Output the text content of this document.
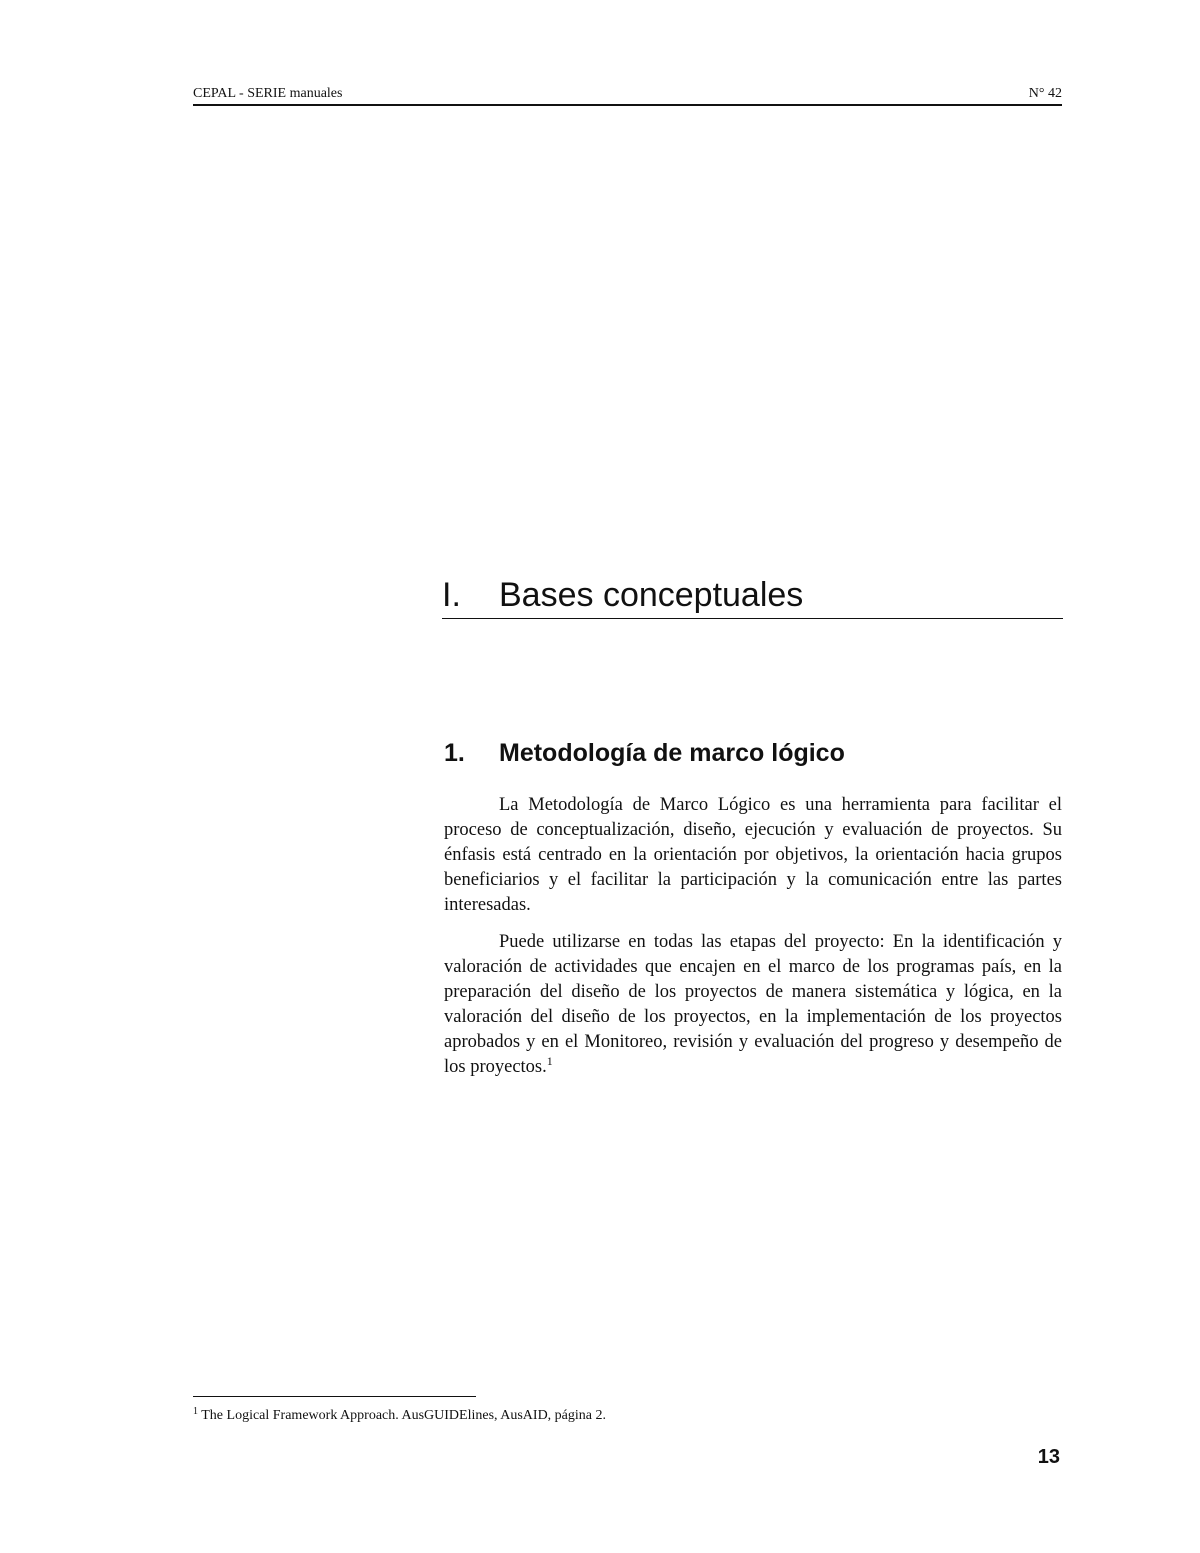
CEPAL - SERIE manuales	N° 42
I. Bases conceptuales
1. Metodología de marco lógico

La Metodología de Marco Lógico es una herramienta para facilitar el proceso de conceptualización, diseño, ejecución y evaluación de proyectos. Su énfasis está centrado en la orientación por objetivos, la orientación hacia grupos beneficiarios y el facilitar la participación y la comunicación entre las partes interesadas.

Puede utilizarse en todas las etapas del proyecto: En la identificación y valoración de actividades que encajen en el marco de los programas país, en la preparación del diseño de los proyectos de manera sistemática y lógica, en la valoración del diseño de los proyectos, en la implementación de los proyectos aprobados y en el Monitoreo, revisión y evaluación del progreso y desempeño de los proyectos.$^1$

$^1$ The Logical Framework Approach. AusGUIDElines, AusAID, página 2.
13
